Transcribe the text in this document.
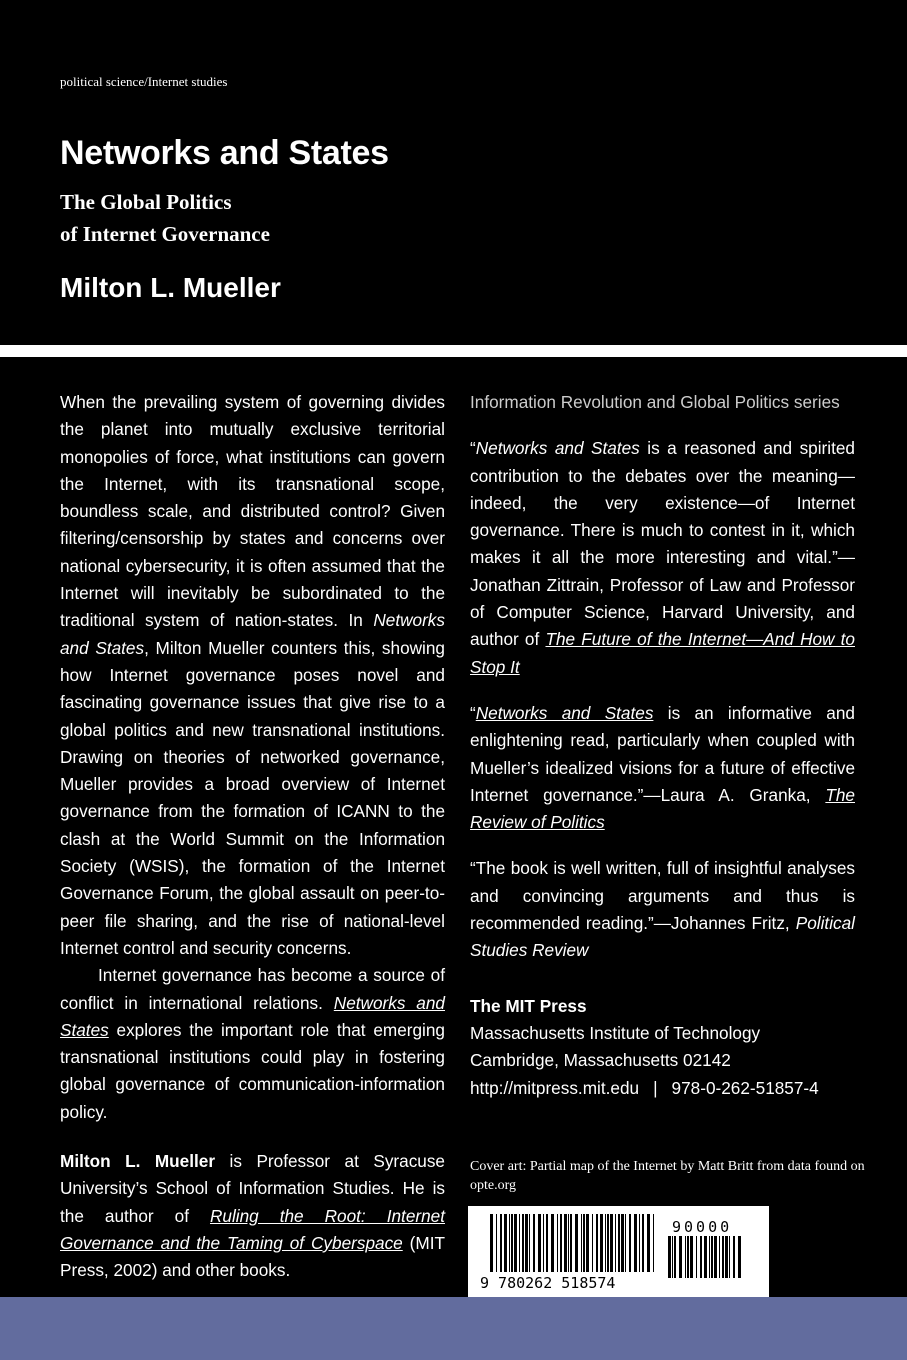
political science/Internet studies
Networks and States
The Global Politics
of Internet Governance
Milton L. Mueller

When the prevailing system of governing divides the planet into mutually exclusive territorial monopolies of force, what institutions can govern the Internet, with its transnational scope, boundless scale, and distributed control? Given filtering/censorship by states and concerns over national cybersecurity, it is often assumed that the Internet will inevitably be subordinated to the traditional system of nation-states. In Networks and States, Milton Mueller counters this, showing how Internet governance poses novel and fascinating governance issues that give rise to a global politics and new transnational institutions. Drawing on theories of networked governance, Mueller provides a broad overview of Internet governance from the formation of ICANN to the clash at the World Summit on the Information Society (WSIS), the formation of the Internet Governance Forum, the global assault on peer-to-peer file sharing, and the rise of national-level Internet control and security concerns.

Internet governance has become a source of conflict in international relations. Networks and States explores the important role that emerging transnational institutions could play in fostering global governance of communication-information policy.

Milton L. Mueller is Professor at Syracuse University’s School of Information Studies. He is the author of Ruling the Root: Internet Governance and the Taming of Cyberspace (MIT Press, 2002) and other books.

Information Revolution and Global Politics series

“Networks and States is a reasoned and spirited contribution to the debates over the meaning—indeed, the very existence—of Internet governance. There is much to contest in it, which makes it all the more interesting and vital.”—Jonathan Zittrain, Professor of Law and Professor of Computer Science, Harvard University, and author of The Future of the Internet—And How to Stop It

“Networks and States is an informative and enlightening read, particularly when coupled with Mueller’s idealized visions for a future of effective Internet governance.”—Laura A. Granka, The Review of Politics

“The book is well written, full of insightful analyses and convincing arguments and thus is recommended reading.”—Johannes Fritz, Political Studies Review

The MIT Press
Massachusetts Institute of Technology
Cambridge, Massachusetts 02142
http://mitpress.mit.edu | 978-0-262-51857-4
Cover art: Partial map of the Internet by Matt Britt from data found on opte.org
9 780262 518574
90000
